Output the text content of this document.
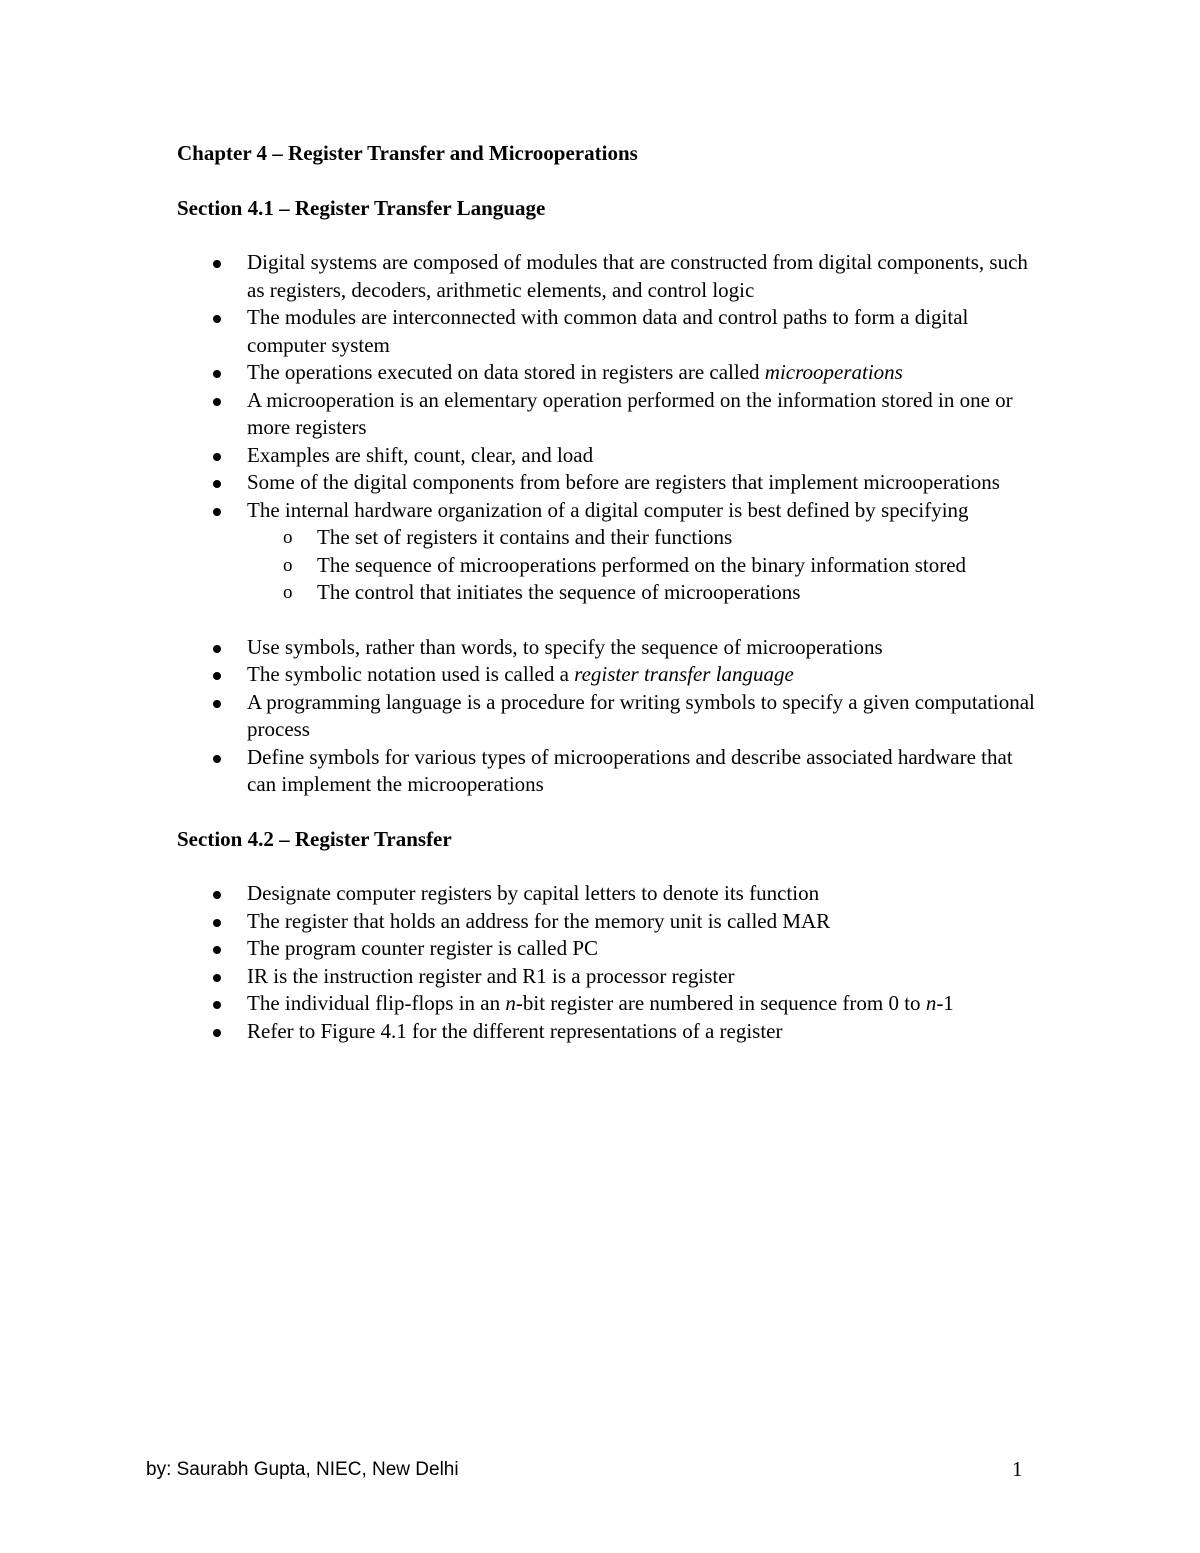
Chapter 4 – Register Transfer and Microoperations
Section 4.1 – Register Transfer Language
Digital systems are composed of modules that are constructed from digital components, such as registers, decoders, arithmetic elements, and control logic
The modules are interconnected with common data and control paths to form a digital computer system
The operations executed on data stored in registers are called microoperations
A microoperation is an elementary operation performed on the information stored in one or more registers
Examples are shift, count, clear, and load
Some of the digital components from before are registers that implement microoperations
The internal hardware organization of a digital computer is best defined by specifying
o The set of registers it contains and their functions
o The sequence of microoperations performed on the binary information stored
o The control that initiates the sequence of microoperations
Use symbols, rather than words, to specify the sequence of microoperations
The symbolic notation used is called a register transfer language
A programming language is a procedure for writing symbols to specify a given computational process
Define symbols for various types of microoperations and describe associated hardware that can implement the microoperations
Section 4.2 – Register Transfer
Designate computer registers by capital letters to denote its function
The register that holds an address for the memory unit is called MAR
The program counter register is called PC
IR is the instruction register and R1 is a processor register
The individual flip-flops in an n-bit register are numbered in sequence from 0 to n-1
Refer to Figure 4.1 for the different representations of a register
by: Saurabh Gupta, NIEC, New Delhi	1
